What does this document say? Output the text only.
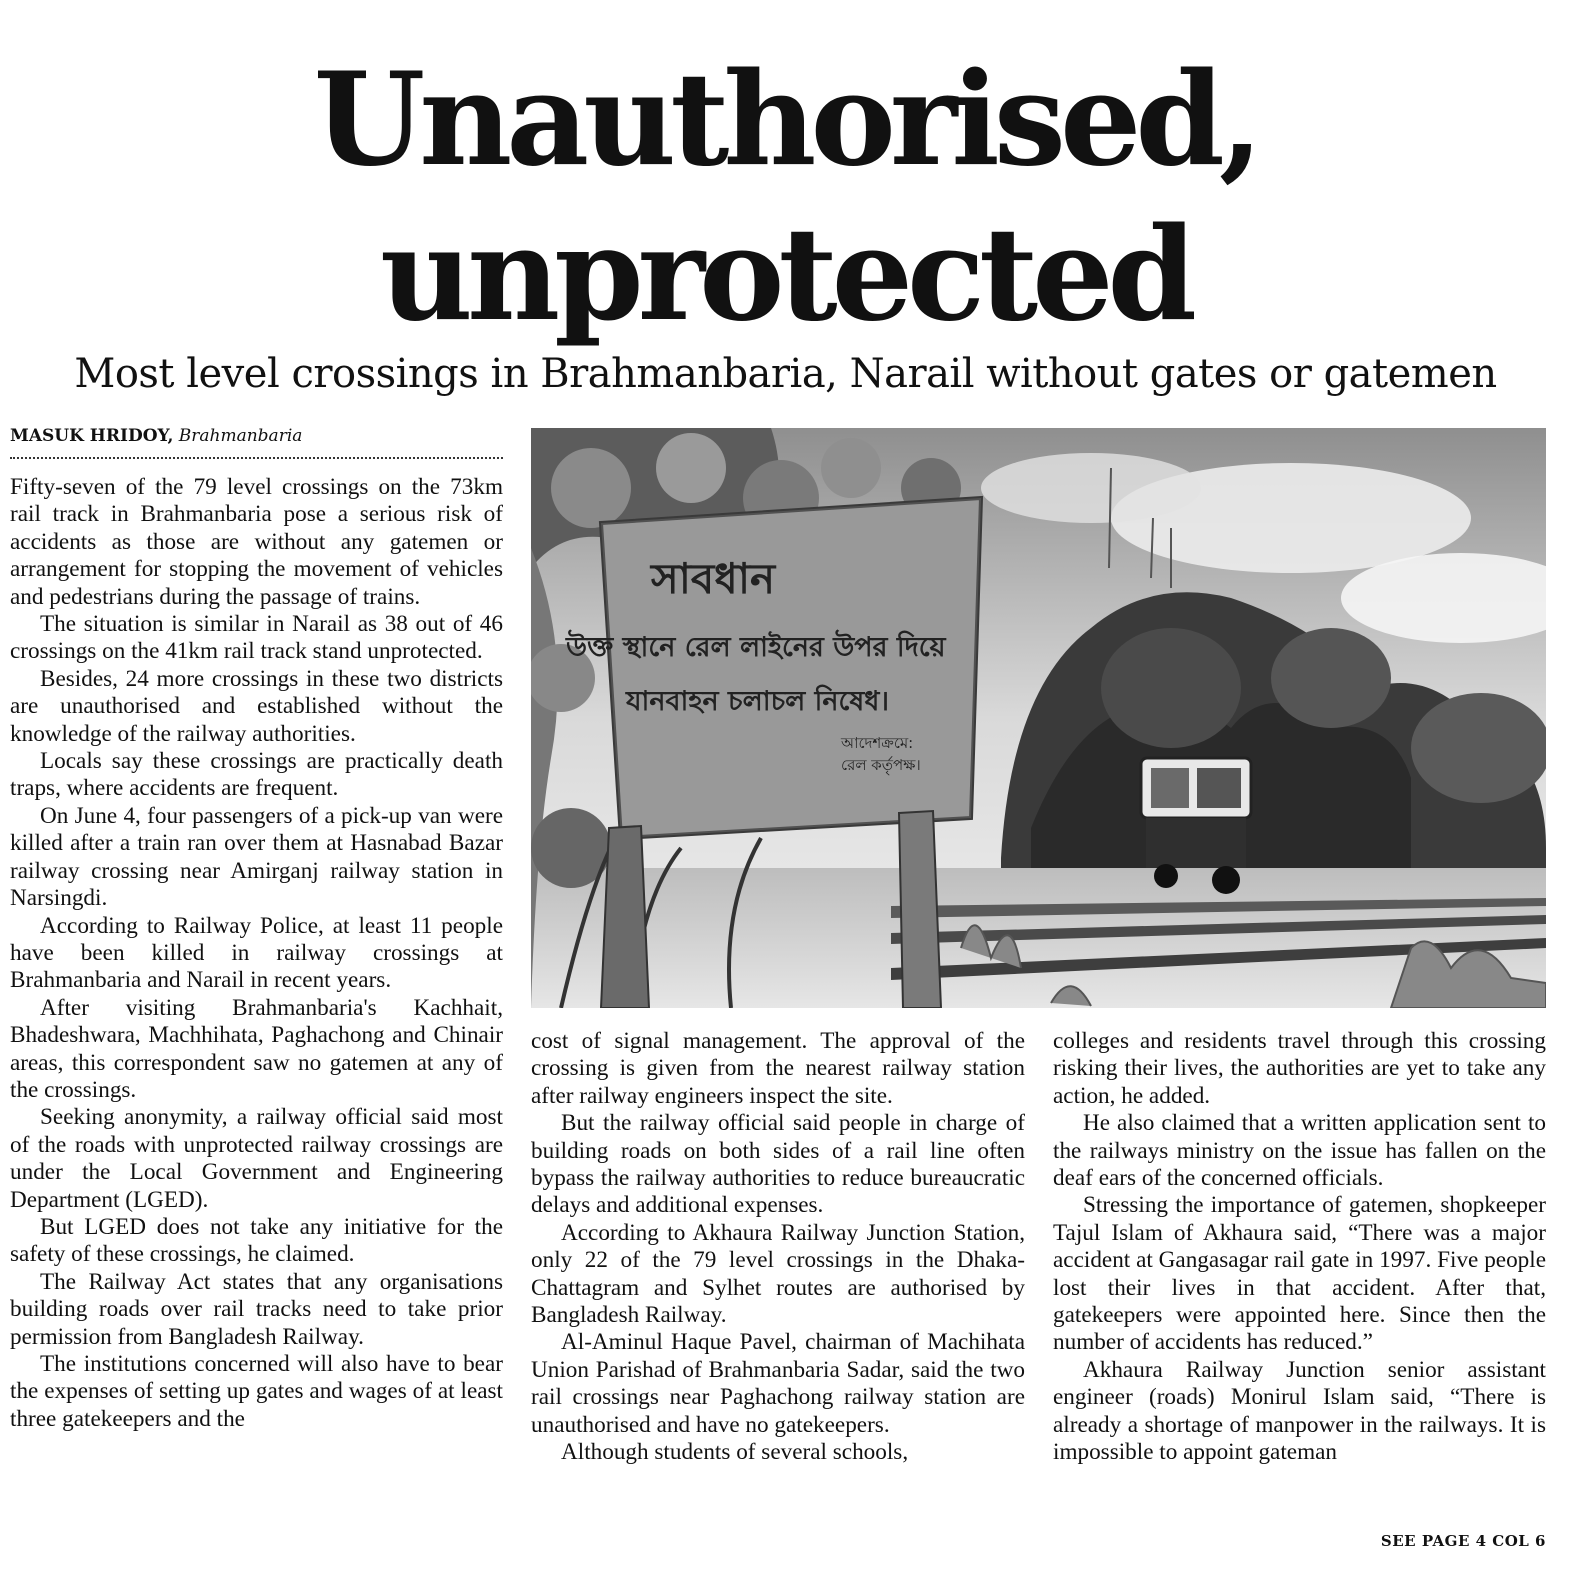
Unauthorised,
unprotected
Most level crossings in Brahmanbaria, Narail without gates or gatemen
MASUK HRIDOY, Brahmanbaria

Fifty-seven of the 79 level crossings on the 73km rail track in Brahmanbaria pose a serious risk of accidents as those are without any gatemen or arrangement for stopping the movement of vehicles and pedestrians during the passage of trains.

The situation is similar in Narail as 38 out of 46 crossings on the 41km rail track stand unprotected.

Besides, 24 more crossings in these two districts are unauthorised and established without the knowledge of the railway authorities.

Locals say these crossings are practically death traps, where accidents are frequent.

On June 4, four passengers of a pick-up van were killed after a train ran over them at Hasnabad Bazar railway crossing near Amirganj railway station in Narsingdi.

According to Railway Police, at least 11 people have been killed in railway crossings at Brahmanbaria and Narail in recent years.

After visiting Brahmanbaria's Kachhait, Bhadeshwara, Machhihata, Paghachong and Chinair areas, this correspondent saw no gatemen at any of the crossings.

Seeking anonymity, a railway official said most of the roads with unprotected railway crossings are under the Local Government and Engineering Department (LGED).

But LGED does not take any initiative for the safety of these crossings, he claimed.

The Railway Act states that any organisations building roads over rail tracks need to take prior permission from Bangladesh Railway.

The institutions concerned will also have to bear the expenses of setting up gates and wages of at least three gatekeepers and the

সাবধান
উক্ত স্থানে রেল লাইনের উপর দিয়ে
যানবাহন চলাচল নিষেধ।
আদেশক্রমে:
রেল কর্তৃপক্ষ।

cost of signal management. The approval of the crossing is given from the nearest railway station after railway engineers inspect the site.

But the railway official said people in charge of building roads on both sides of a rail line often bypass the railway authorities to reduce bureaucratic delays and additional expenses.

According to Akhaura Railway Junction Station, only 22 of the 79 level crossings in the Dhaka-Chattagram and Sylhet routes are authorised by Bangladesh Railway.

Al-Aminul Haque Pavel, chairman of Machihata Union Parishad of Brahmanbaria Sadar, said the two rail crossings near Paghachong railway station are unauthorised and have no gatekeepers.

Although students of several schools,

colleges and residents travel through this crossing risking their lives, the authorities are yet to take any action, he added.

He also claimed that a written application sent to the railways ministry on the issue has fallen on the deaf ears of the concerned officials.

Stressing the importance of gatemen, shopkeeper Tajul Islam of Akhaura said, “There was a major accident at Gangasagar rail gate in 1997. Five people lost their lives in that accident. After that, gatekeepers were appointed here. Since then the number of accidents has reduced.”

Akhaura Railway Junction senior assistant engineer (roads) Monirul Islam said, “There is already a shortage of manpower in the railways. It is impossible to appoint gateman

SEE PAGE 4 COL 6
